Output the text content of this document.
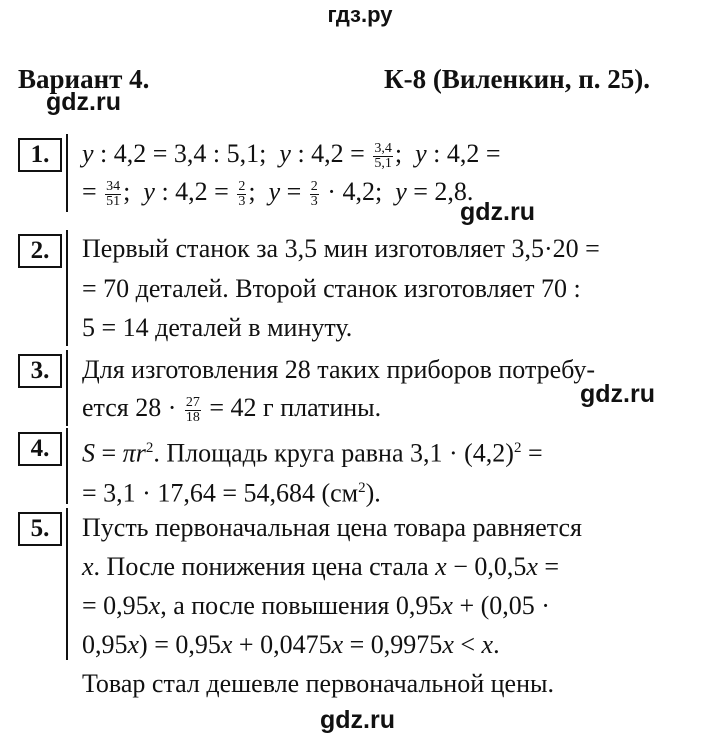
гдз.ру
Вариант 4.	К-8 (Виленкин, п. 25).
gdz.ru
gdz.ru
gdz.ru
gdz.ru
1.	y : 4,2 = 3,4 : 5,1;  y : $4,2 = \frac{3,4}{5,1}$ ;  y : 4,2 =
= $\frac{34}{51}$ ;  y : $4,2 = \frac{2}{3}$ ;  $y = \frac{2}{3} \cdot 4,2$;  y = 2,8.
2.	Первый станок за 3,5 мин изготовляет 3,5·20 =
= 70 деталей. Второй станок изготовляет 70 :
5 = 14 деталей в минуту.
3.	Для изготовления 28 таких приборов потребу-
ется $28 \cdot \frac{27}{18} = 42$ г платины.
4.	$S = \pi r^2$. Площадь круга равна $3,1 \cdot (4,2)^2$ =
= 3,1 · 17,64 = 54,684 $(см^2)$.
5.	Пусть первоначальная цена товара равняется
x. После понижения цена стала x − 0,0,5x =
= 0,95x, а после повышения 0,95x + (0,05 ·
0,95x) = 0,95x + 0,0475x = 0,9975x < x.
Товар стал дешевле первоначальной цены.
